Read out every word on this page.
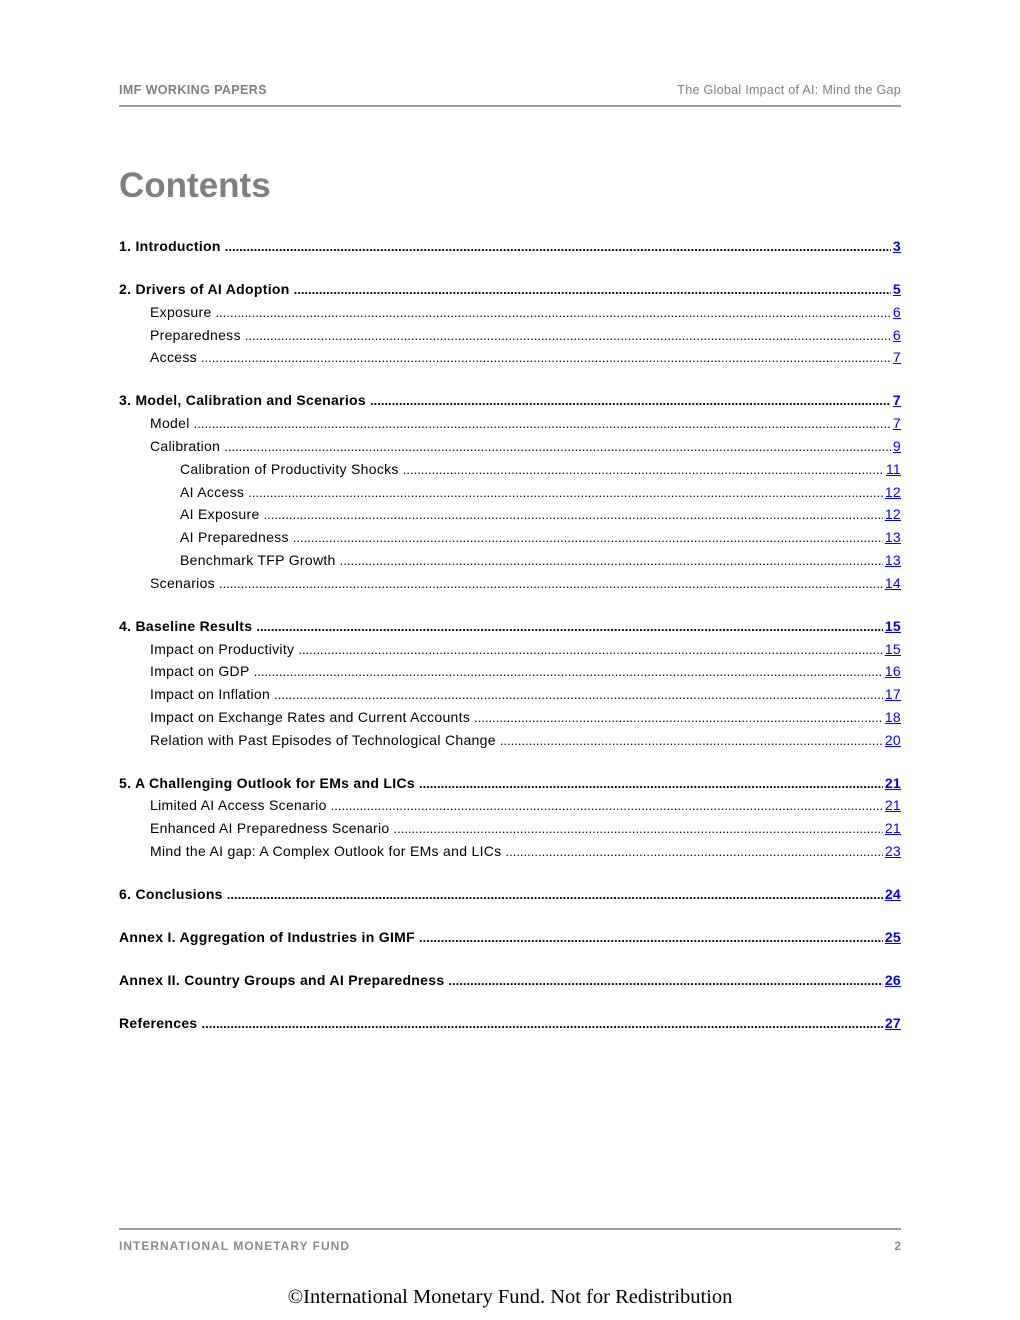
IMF WORKING PAPERS	The Global Impact of AI: Mind the Gap
Contents
1. Introduction .....	3
2. Drivers of AI Adoption .....	5
Exposure .....	6
Preparedness .....	6
Access .....	7
3. Model, Calibration and Scenarios .....	7
Model .....	7
Calibration .....	9
Calibration of Productivity Shocks .....	11
AI Access .....	12
AI Exposure .....	12
AI Preparedness .....	13
Benchmark TFP Growth .....	13
Scenarios .....	14
4. Baseline Results .....	15
Impact on Productivity .....	15
Impact on GDP .....	16
Impact on Inflation .....	17
Impact on Exchange Rates and Current Accounts .....	18
Relation with Past Episodes of Technological Change .....	20
5. A Challenging Outlook for EMs and LICs .....	21
Limited AI Access Scenario .....	21
Enhanced AI Preparedness Scenario .....	21
Mind the AI gap: A Complex Outlook for EMs and LICs .....	23
6. Conclusions .....	24
Annex I. Aggregation of Industries in GIMF .....	25
Annex II. Country Groups and AI Preparedness .....	26
References .....	27
INTERNATIONAL MONETARY FUND	2
©International Monetary Fund. Not for Redistribution
